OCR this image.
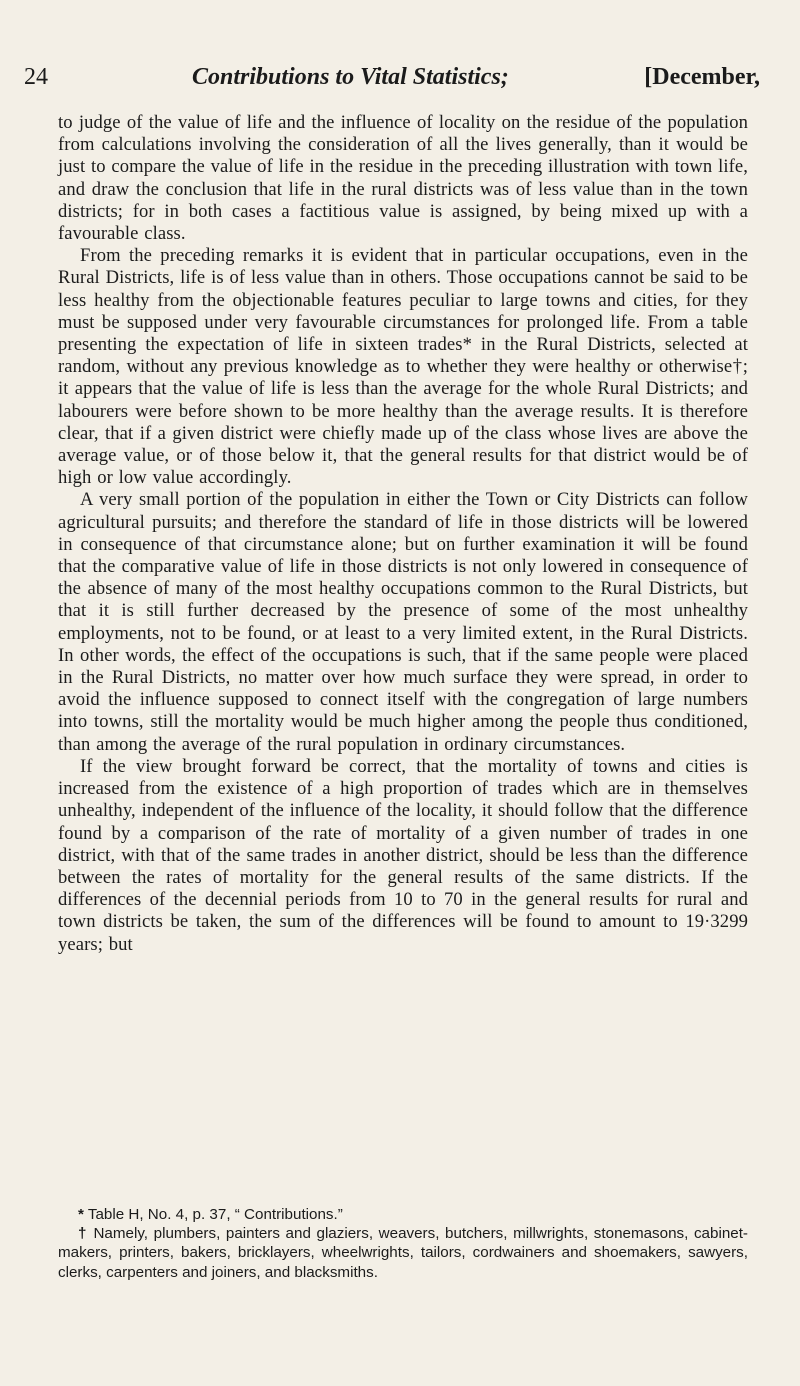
24	Contributions to Vital Statistics;	[December,

to judge of the value of life and the influence of locality on the residue of the population from calculations involving the consideration of all the lives generally, than it would be just to compare the value of life in the residue in the preceding illustration with town life, and draw the conclusion that life in the rural districts was of less value than in the town districts; for in both cases a factitious value is assigned, by being mixed up with a favourable class.

From the preceding remarks it is evident that in particular occupations, even in the Rural Districts, life is of less value than in others. Those occupations cannot be said to be less healthy from the objectionable features peculiar to large towns and cities, for they must be supposed under very favourable circumstances for prolonged life. From a table presenting the expectation of life in sixteen trades* in the Rural Districts, selected at random, without any previous knowledge as to whether they were healthy or otherwise†; it appears that the value of life is less than the average for the whole Rural Districts; and labourers were before shown to be more healthy than the average results. It is therefore clear, that if a given district were chiefly made up of the class whose lives are above the average value, or of those below it, that the general results for that district would be of high or low value accordingly.

A very small portion of the population in either the Town or City Districts can follow agricultural pursuits; and therefore the standard of life in those districts will be lowered in consequence of that circumstance alone; but on further examination it will be found that the comparative value of life in those districts is not only lowered in consequence of the absence of many of the most healthy occupations common to the Rural Districts, but that it is still further decreased by the presence of some of the most unhealthy employments, not to be found, or at least to a very limited extent, in the Rural Districts. In other words, the effect of the occupations is such, that if the same people were placed in the Rural Districts, no matter over how much surface they were spread, in order to avoid the influence supposed to connect itself with the congregation of large numbers into towns, still the mortality would be much higher among the people thus conditioned, than among the average of the rural population in ordinary circumstances.

If the view brought forward be correct, that the mortality of towns and cities is increased from the existence of a high proportion of trades which are in themselves unhealthy, independent of the influence of the locality, it should follow that the difference found by a comparison of the rate of mortality of a given number of trades in one district, with that of the same trades in another district, should be less than the difference between the rates of mortality for the general results of the same districts. If the differences of the decennial periods from 10 to 70 in the general results for rural and town districts be taken, the sum of the differences will be found to amount to 19·3299 years; but

* Table H, No. 4, p. 37, “ Contributions.”

† Namely, plumbers, painters and glaziers, weavers, butchers, millwrights, stonemasons, cabinet-makers, printers, bakers, bricklayers, wheelwrights, tailors, cordwainers and shoemakers, sawyers, clerks, carpenters and joiners, and blacksmiths.
